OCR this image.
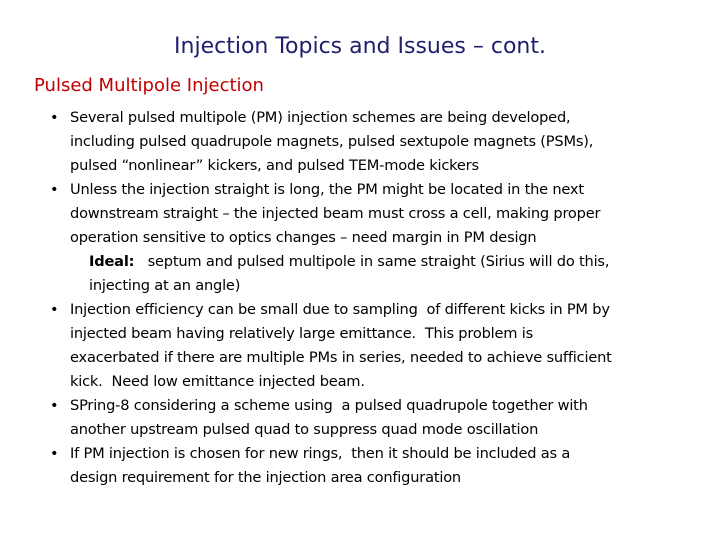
Injection Topics and Issues – cont.
Pulsed Multipole Injection
• Several pulsed multipole (PM) injection schemes are being developed,
including pulsed quadrupole magnets, pulsed sextupole magnets (PSMs),
pulsed “nonlinear” kickers, and pulsed TEM-mode kickers
• Unless the injection straight is long, the PM might be located in the next
downstream straight – the injected beam must cross a cell, making proper
operation sensitive to optics changes – need margin in PM design
Ideal:   septum and pulsed multipole in same straight (Sirius will do this,
injecting at an angle)
• Injection efficiency can be small due to sampling  of different kicks in PM by
injected beam having relatively large emittance.  This problem is
exacerbated if there are multiple PMs in series, needed to achieve sufficient
kick.  Need low emittance injected beam.
• SPring-8 considering a scheme using  a pulsed quadrupole together with
another upstream pulsed quad to suppress quad mode oscillation
• If PM injection is chosen for new rings,  then it should be included as a
design requirement for the injection area configuration
